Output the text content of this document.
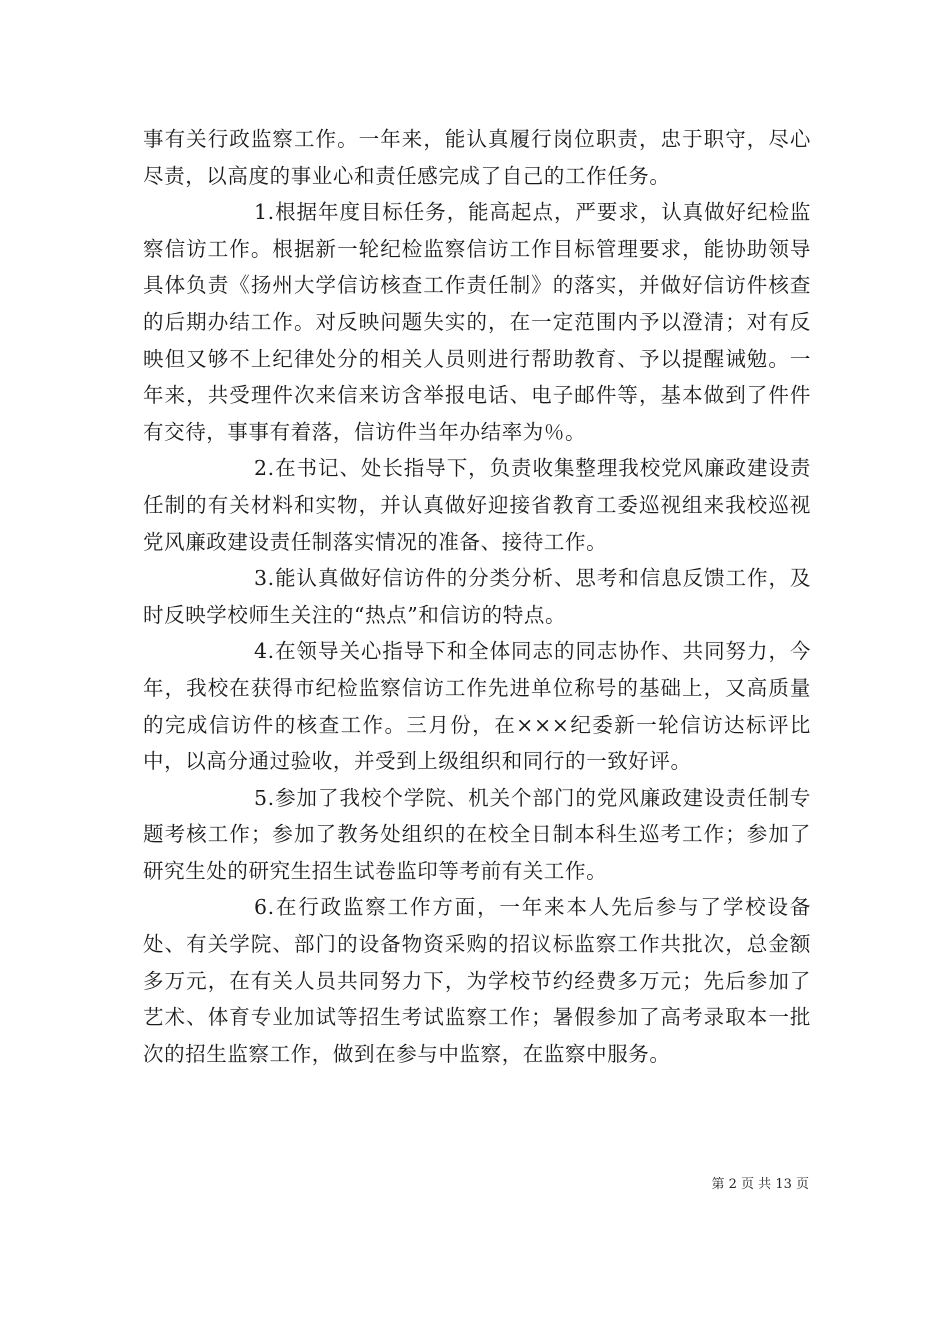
事有关行政监察工作。一年来，能认真履行岗位职责，忠于职守，尽心尽责，以高度的事业心和责任感完成了自己的工作任务。

1.根据年度目标任务，能高起点，严要求，认真做好纪检监察信访工作。根据新一轮纪检监察信访工作目标管理要求，能协助领导具体负责《扬州大学信访核查工作责任制》的落实，并做好信访件核查的后期办结工作。对反映问题失实的，在一定范围内予以澄清；对有反映但又够不上纪律处分的相关人员则进行帮助教育、予以提醒诫勉。一年来，共受理件次来信来访含举报电话、电子邮件等，基本做到了件件有交待，事事有着落，信访件当年办结率为％。

2.在书记、处长指导下，负责收集整理我校党风廉政建设责任制的有关材料和实物，并认真做好迎接省教育工委巡视组来我校巡视党风廉政建设责任制落实情况的准备、接待工作。

3.能认真做好信访件的分类分析、思考和信息反馈工作，及时反映学校师生关注的“热点”和信访的特点。

4.在领导关心指导下和全体同志的同志协作、共同努力，今年，我校在获得市纪检监察信访工作先进单位称号的基础上，又高质量的完成信访件的核查工作。三月份，在×××纪委新一轮信访达标评比中，以高分通过验收，并受到上级组织和同行的一致好评。

5.参加了我校个学院、机关个部门的党风廉政建设责任制专题考核工作；参加了教务处组织的在校全日制本科生巡考工作；参加了研究生处的研究生招生试卷监印等考前有关工作。

6.在行政监察工作方面，一年来本人先后参与了学校设备处、有关学院、部门的设备物资采购的招议标监察工作共批次，总金额多万元，在有关人员共同努力下，为学校节约经费多万元；先后参加了艺术、体育专业加试等招生考试监察工作；暑假参加了高考录取本一批次的招生监察工作，做到在参与中监察，在监察中服务。

第 2 页 共 13 页
